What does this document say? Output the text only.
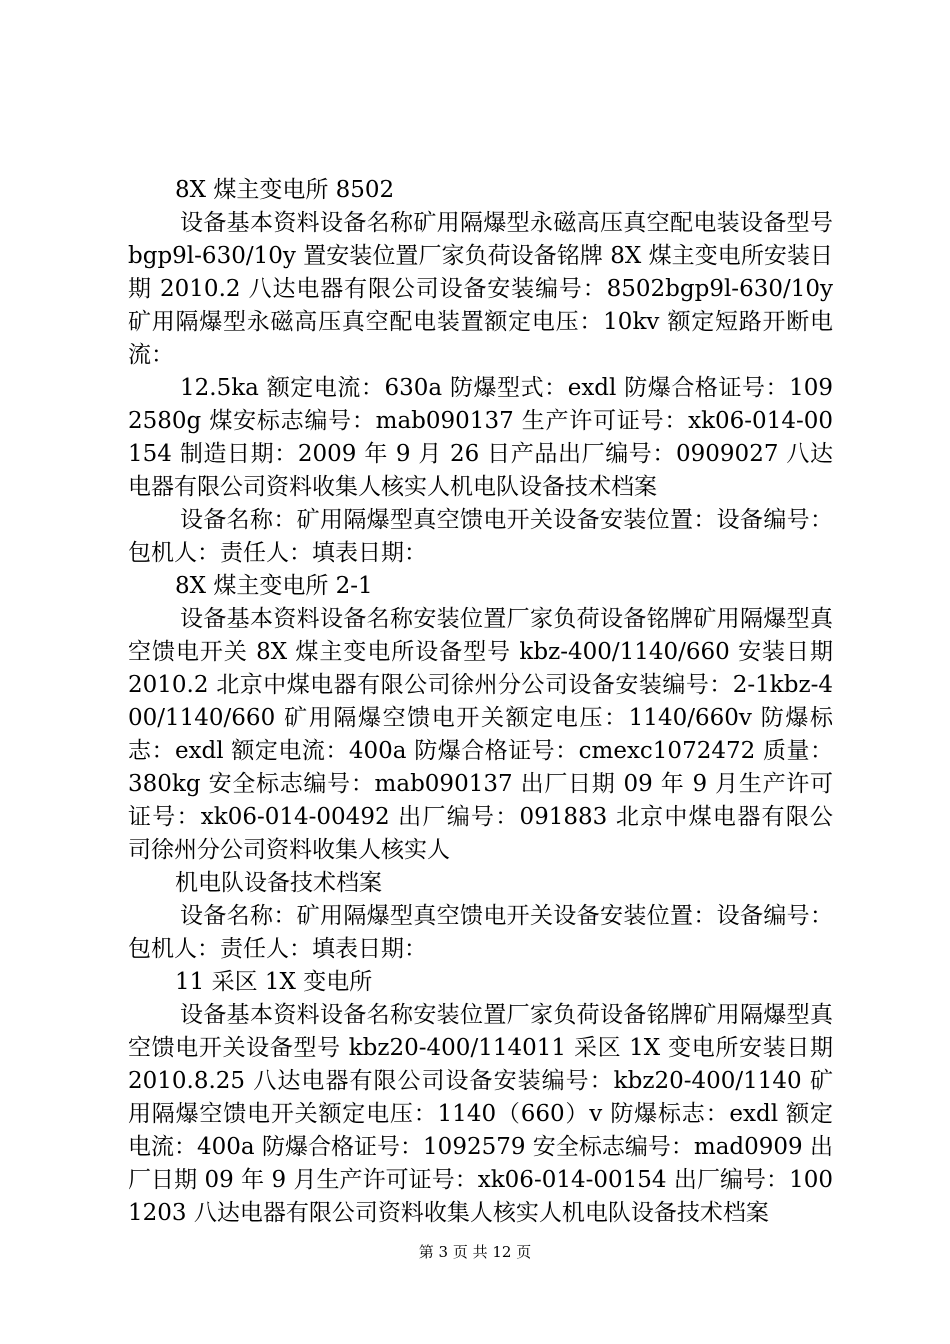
8X 煤主变电所 8502

设备基本资料设备名称矿用隔爆型永磁高压真空配电装设备型号 bgp9l-630/10y 置安装位置厂家负荷设备铭牌 8X 煤主变电所安装日期 2010.2 八达电器有限公司设备安装编号：8502bgp9l-630/10y 矿用隔爆型永磁高压真空配电装置额定电压：10kv 额定短路开断电流：

12.5ka 额定电流：630a 防爆型式：exdl 防爆合格证号：1092580g 煤安标志编号：mab090137 生产许可证号：xk06-014-00154 制造日期：2009 年 9 月 26 日产品出厂编号：0909027 八达电器有限公司资料收集人核实人机电队设备技术档案

设备名称：矿用隔爆型真空馈电开关设备安装位置：设备编号：包机人：责任人：填表日期：

8X 煤主变电所 2-1

设备基本资料设备名称安装位置厂家负荷设备铭牌矿用隔爆型真空馈电开关 8X 煤主变电所设备型号 kbz-400/1140/660 安装日期 2010.2 北京中煤电器有限公司徐州分公司设备安装编号：2-1kbz-400/1140/660 矿用隔爆空馈电开关额定电压：1140/660v 防爆标志：exdl 额定电流：400a 防爆合格证号：cmexc1072472 质量：380kg 安全标志编号：mab090137 出厂日期 09 年 9 月生产许可证号：xk06-014-00492 出厂编号：091883 北京中煤电器有限公司徐州分公司资料收集人核实人

机电队设备技术档案

设备名称：矿用隔爆型真空馈电开关设备安装位置：设备编号：包机人：责任人：填表日期：

11 采区 1X 变电所

设备基本资料设备名称安装位置厂家负荷设备铭牌矿用隔爆型真空馈电开关设备型号 kbz20-400/114011 采区 1X 变电所安装日期 2010.8.25 八达电器有限公司设备安装编号：kbz20-400/1140 矿用隔爆空馈电开关额定电压：1140（660）v 防爆标志：exdl 额定电流：400a 防爆合格证号：1092579 安全标志编号：mad0909 出厂日期 09 年 9 月生产许可证号：xk06-014-00154 出厂编号：1001203 八达电器有限公司资料收集人核实人机电队设备技术档案

第 3 页 共 12 页
